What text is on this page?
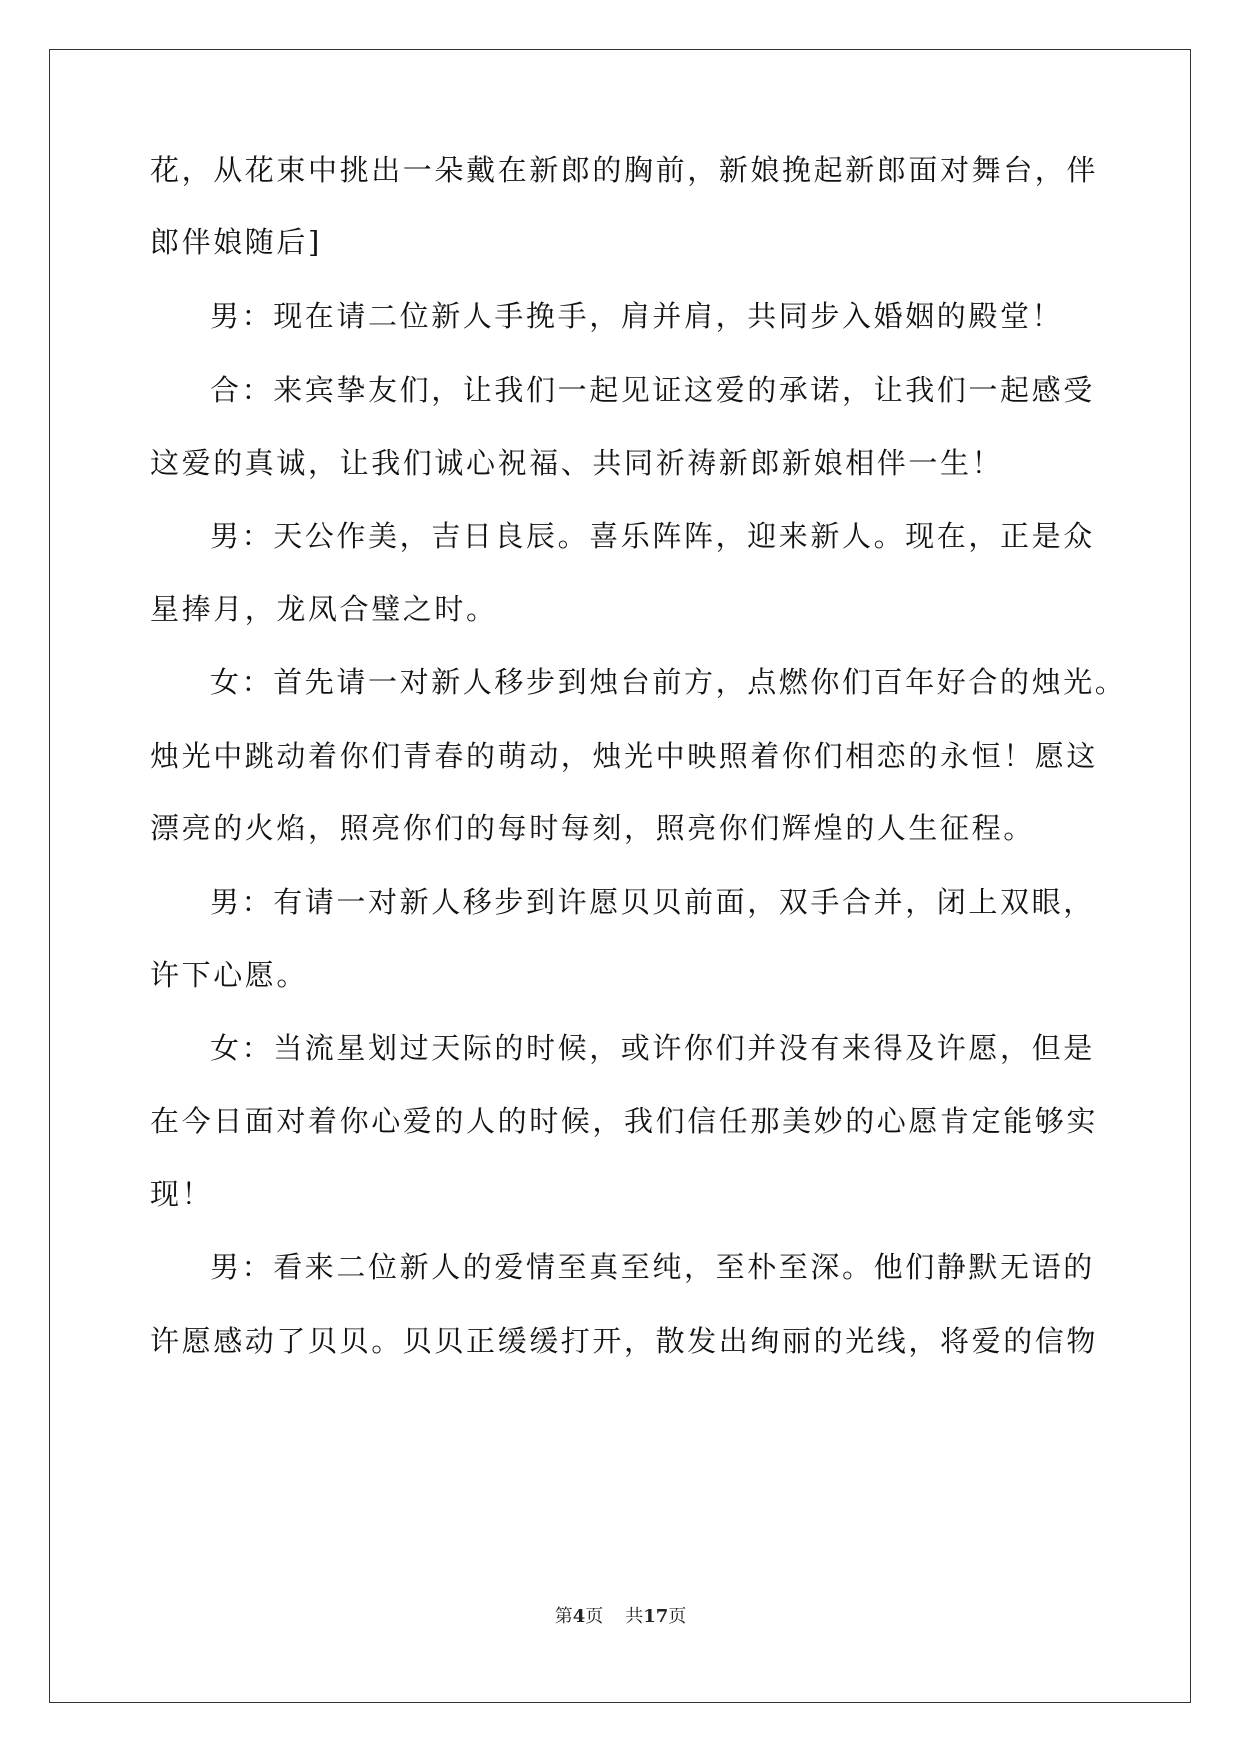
花，从花束中挑出一朵戴在新郎的胸前，新娘挽起新郎面对舞台，伴
郎伴娘随后]
男：现在请二位新人手挽手，肩并肩，共同步入婚姻的殿堂！
合：来宾挚友们，让我们一起见证这爱的承诺，让我们一起感受
这爱的真诚，让我们诚心祝福、共同祈祷新郎新娘相伴一生！
男：天公作美，吉日良辰。喜乐阵阵，迎来新人。现在，正是众
星捧月，龙凤合璧之时。
女：首先请一对新人移步到烛台前方，点燃你们百年好合的烛光。
烛光中跳动着你们青春的萌动，烛光中映照着你们相恋的永恒！愿这
漂亮的火焰，照亮你们的每时每刻，照亮你们辉煌的人生征程。
男：有请一对新人移步到许愿贝贝前面，双手合并，闭上双眼，
许下心愿。
女：当流星划过天际的时候，或许你们并没有来得及许愿，但是
在今日面对着你心爱的人的时候，我们信任那美妙的心愿肯定能够实
现！
男：看来二位新人的爱情至真至纯，至朴至深。他们静默无语的
许愿感动了贝贝。贝贝正缓缓打开，散发出绚丽的光线，将爱的信物
第4页 共17页
